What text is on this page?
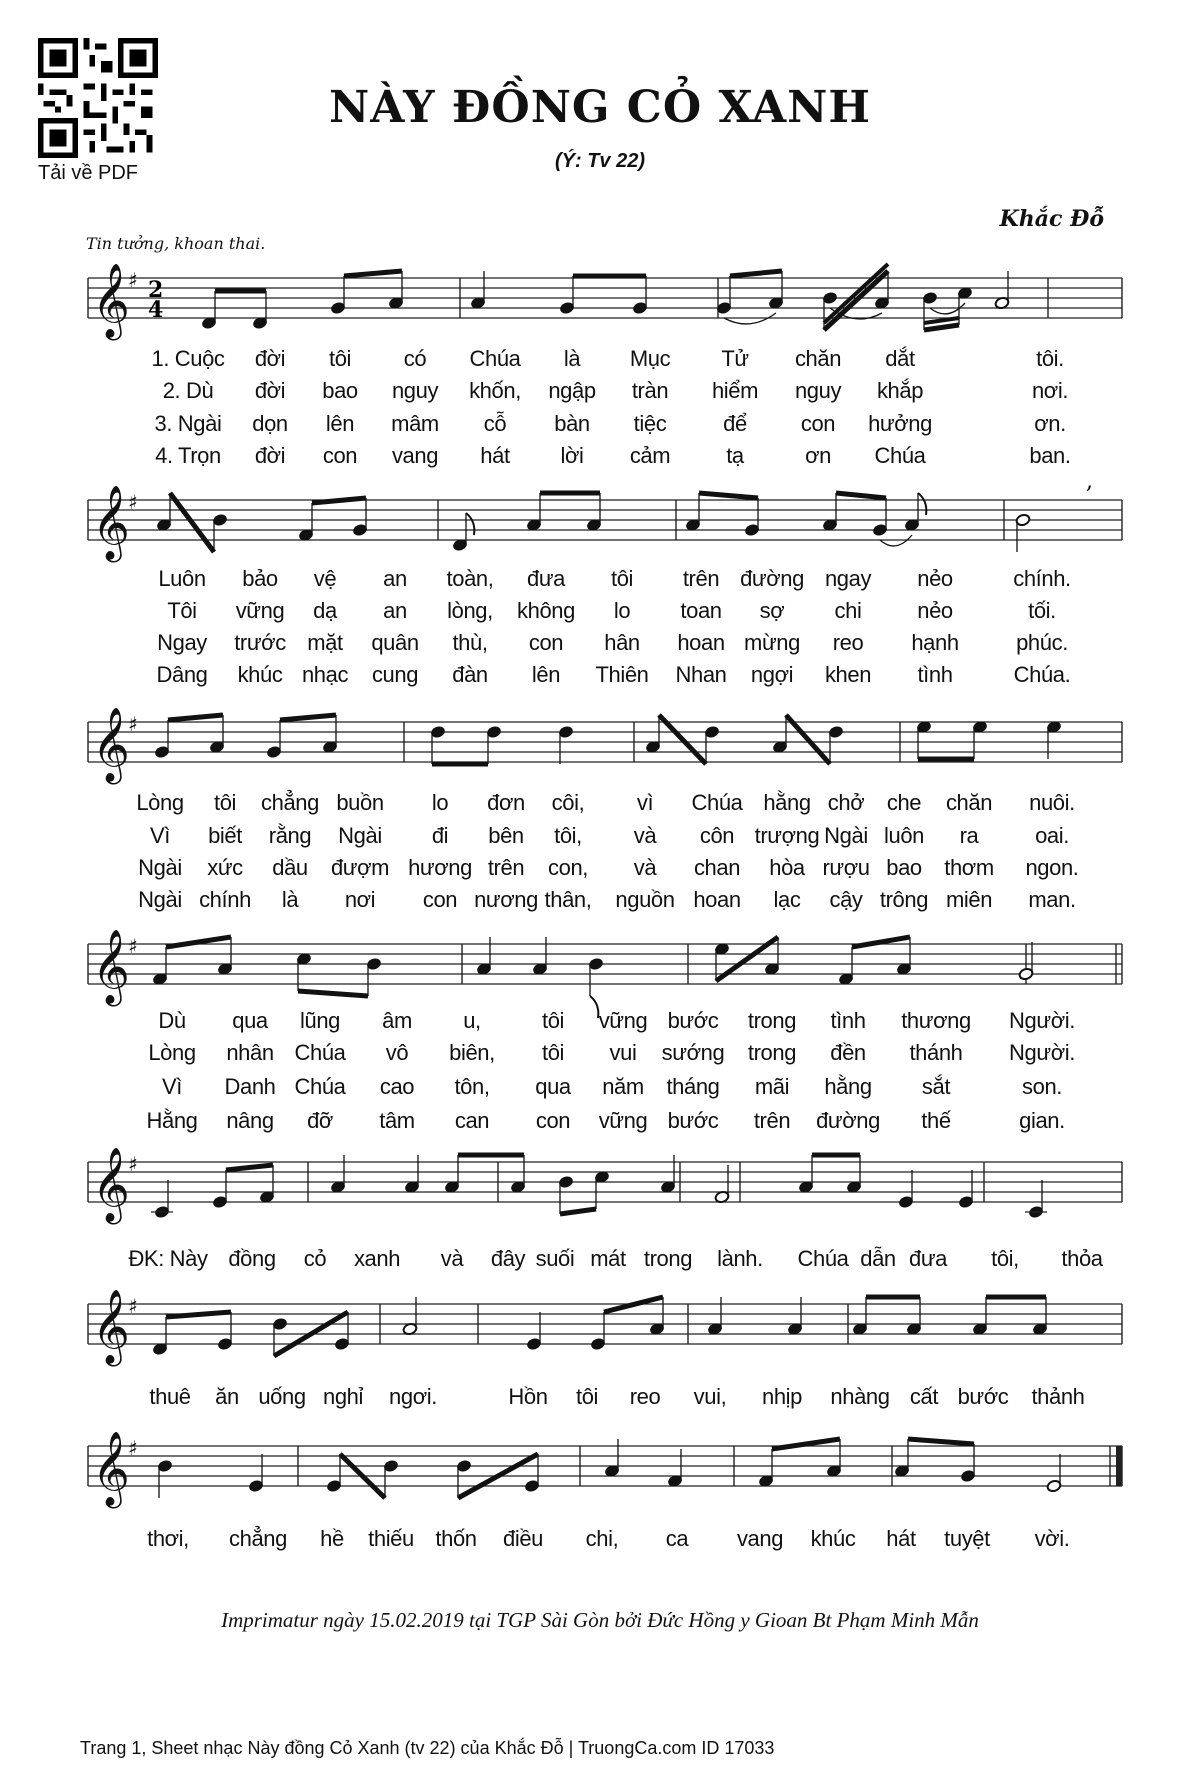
Tải về PDF
NÀY ĐỒNG CỎ XANH
(Ý: Tv 22)
Khắc Đỗ
Tin tưởng, khoan thai.
𝄞
♯ 2
4
𝄞
♯
𝄞
♯
𝄞
♯
𝄞
♯
𝄞
♯
𝄞
♯
,
1. Cuộc đời tôi có Chúa là Mục Tử chăn dắt	tôi.
2. Dù đời bao nguy khốn, ngập tràn hiểm nguy khắp	nơi.
3. Ngài dọn lên mâm cỗ bàn tiệc	để con hưởng	ơn.
4. Trọn đời con vang hát lời cảm	tạ	ơn Chúa	ban.
Luôn bảo vệ an toàn, đưa tôi trên đường ngay nẻo	chính.
Tôi vững dạ an lòng, không lo toan sợ chi	nẻo	tối.
Ngay trước mặt quân thù, con hân hoan mừng reo hạnh	phúc.
Dâng khúc nhạc cung đàn lên Thiên Nhan ngợi khen tình	Chúa.
Lòng tôi chẳng buồn lo đơn côi, vì Chúa hằng chở che chăn nuôi.
Vì biết rằng Ngài đi bên tôi, và côn trượng Ngài luôn ra	oai.
Ngài xức dầu đượm hương trên con, và chan hòa rượu bao thơm ngon.
Ngài chính là nơi con nương thân, nguồn hoan lạc cậy trông miên man.
Dù qua lũng âm u,	tôi vững bước trong tình thương Người.
Lòng nhân Chúa vô biên, tôi vui sướng trong đền thánh Người.
Vì Danh Chúa cao tôn, qua năm tháng mãi hằng sắt	son.
Hằng nâng đỡ tâm can con vững bước trên đường thế	gian.
ĐK: Này đồng cỏ xanh và đây suối mát trong lành. Chúa dẫn đưa tôi, thỏa
thuê ăn uống nghỉ ngơi.	Hồn tôi reo vui, nhịp nhàng cất bước thảnh
thơi, chẳng hề thiếu thốn điều chi, ca vang khúc hát tuyệt vời.
Imprimatur ngày 15.02.2019 tại TGP Sài Gòn bởi Đức Hồng y Gioan Bt Phạm Minh Mẫn
Trang 1, Sheet nhạc Này đồng Cỏ Xanh (tv 22) của Khắc Đỗ | TruongCa.com ID 17033
